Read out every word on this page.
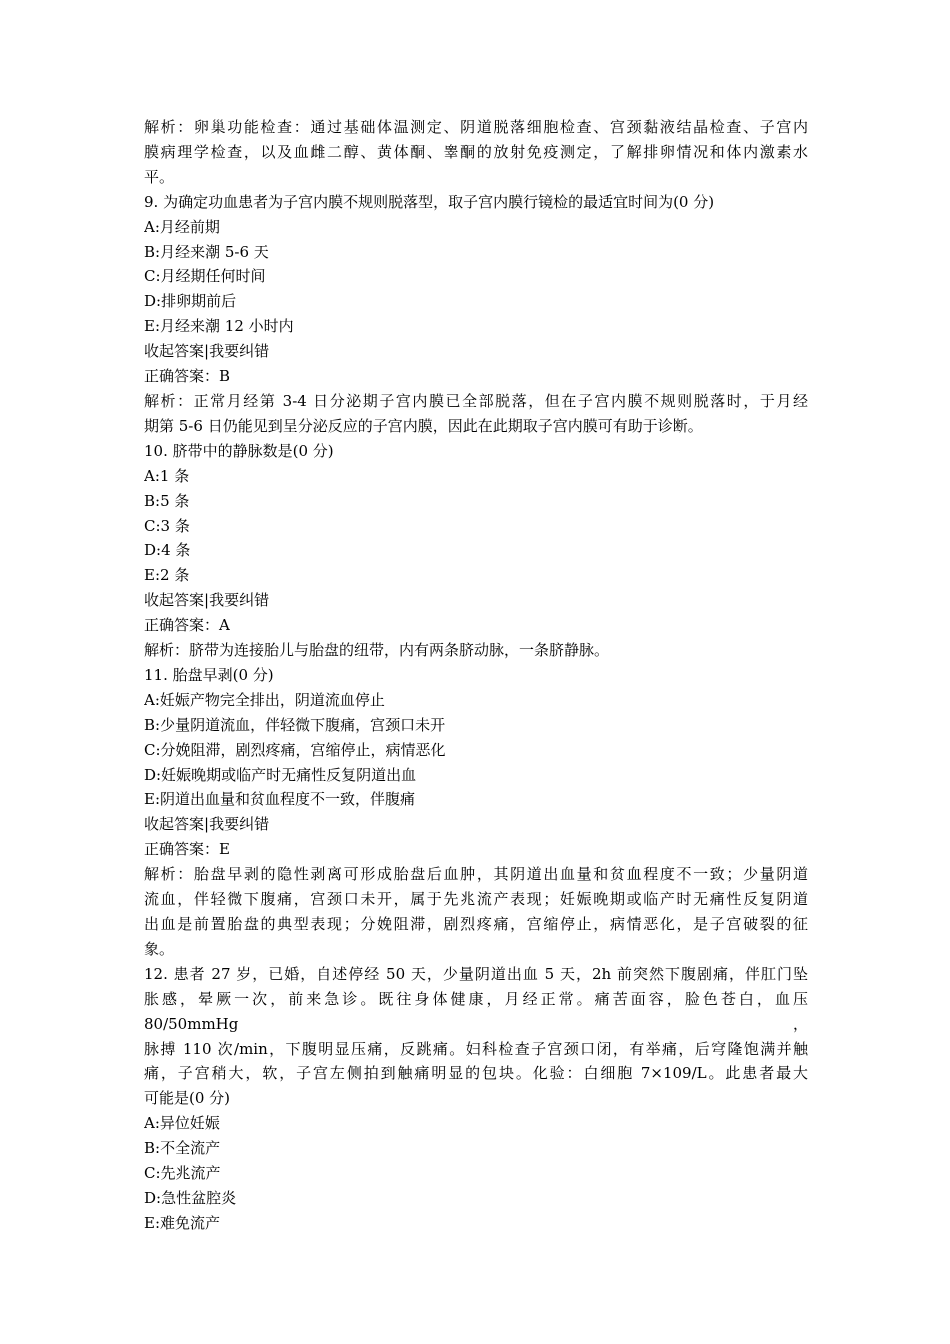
解析：卵巢功能检查：通过基础体温测定、阴道脱落细胞检查、宫颈黏液结晶检查、子宫内
膜病理学检查，以及血雌二醇、黄体酮、睾酮的放射免疫测定，了解排卵情况和体内激素水
平。
9. 为确定功血患者为子宫内膜不规则脱落型，取子宫内膜行镜检的最适宜时间为(0 分)
A:月经前期
B:月经来潮 5-6 天
C:月经期任何时间
D:排卵期前后
E:月经来潮 12 小时内
收起答案|我要纠错
正确答案：B
解析：正常月经第 3-4 日分泌期子宫内膜已全部脱落，但在子宫内膜不规则脱落时，于月经
期第 5-6 日仍能见到呈分泌反应的子宫内膜，因此在此期取子宫内膜可有助于诊断。
10. 脐带中的静脉数是(0 分)
A:1 条
B:5 条
C:3 条
D:4 条
E:2 条
收起答案|我要纠错
正确答案：A
解析：脐带为连接胎儿与胎盘的纽带，内有两条脐动脉，一条脐静脉。
11. 胎盘早剥(0 分)
A:妊娠产物完全排出，阴道流血停止
B:少量阴道流血，伴轻微下腹痛，宫颈口未开
C:分娩阻滞，剧烈疼痛，宫缩停止，病情恶化
D:妊娠晚期或临产时无痛性反复阴道出血
E:阴道出血量和贫血程度不一致，伴腹痛
收起答案|我要纠错
正确答案：E
解析：胎盘早剥的隐性剥离可形成胎盘后血肿，其阴道出血量和贫血程度不一致；少量阴道
流血，伴轻微下腹痛，宫颈口未开，属于先兆流产表现；妊娠晚期或临产时无痛性反复阴道
出血是前置胎盘的典型表现；分娩阻滞，剧烈疼痛，宫缩停止，病情恶化，是子宫破裂的征
象。
12. 患者 27 岁，已婚，自述停经 50 天，少量阴道出血 5 天，2h 前突然下腹剧痛，伴肛门坠
胀感，晕厥一次，前来急诊。既往身体健康，月经正常。痛苦面容，脸色苍白，血压 80/50mmHg，
脉搏 110 次/min，下腹明显压痛，反跳痛。妇科检查子宫颈口闭，有举痛，后穹隆饱满并触
痛，子宫稍大，软，子宫左侧拍到触痛明显的包块。化验：白细胞 7×109/L。此患者最大
可能是(0 分)
A:异位妊娠
B:不全流产
C:先兆流产
D:急性盆腔炎
E:难免流产
